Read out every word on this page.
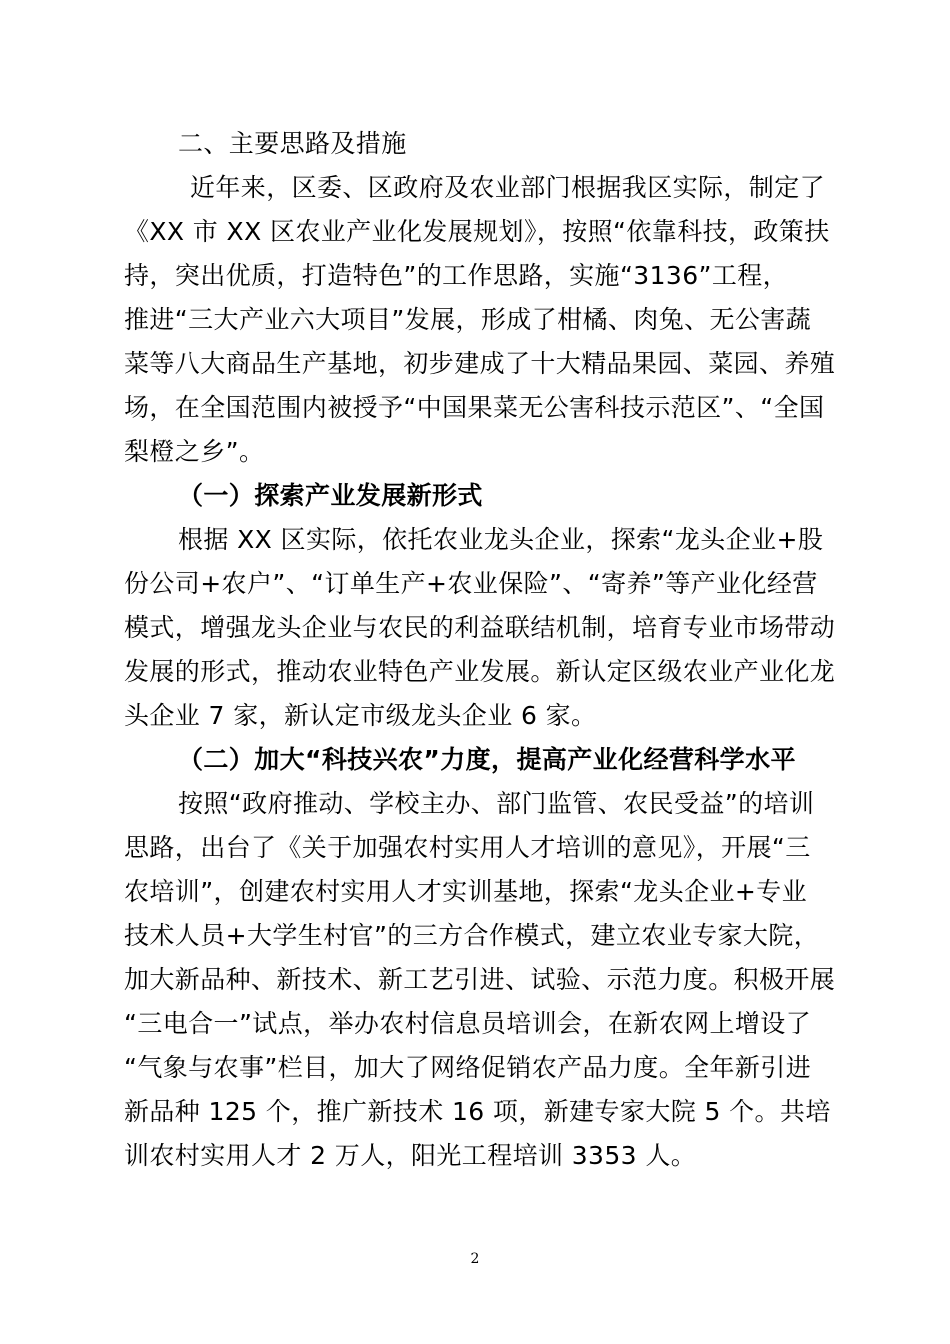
二、主要思路及措施
近年来，区委、区政府及农业部门根据我区实际，制定了
《XX 市 XX 区农业产业化发展规划》，按照“依靠科技，政策扶
持，突出优质，打造特色”的工作思路，实施“3136”工程，
推进“三大产业六大项目”发展，形成了柑橘、肉兔、无公害蔬
菜等八大商品生产基地，初步建成了十大精品果园、菜园、养殖
场，在全国范围内被授予“中国果菜无公害科技示范区”、“全国
梨橙之乡”。
（一）探索产业发展新形式
根据 XX 区实际，依托农业龙头企业，探索“龙头企业+股
份公司+农户”、“订单生产+农业保险”、“寄养”等产业化经营
模式，增强龙头企业与农民的利益联结机制，培育专业市场带动
发展的形式，推动农业特色产业发展。新认定区级农业产业化龙
头企业 7 家，新认定市级龙头企业 6 家。
（二）加大“科技兴农”力度，提高产业化经营科学水平
按照“政府推动、学校主办、部门监管、农民受益”的培训
思路，出台了《关于加强农村实用人才培训的意见》，开展“三
农培训”，创建农村实用人才实训基地，探索“龙头企业+专业
技术人员+大学生村官”的三方合作模式，建立农业专家大院，
加大新品种、新技术、新工艺引进、试验、示范力度。积极开展
“三电合一”试点，举办农村信息员培训会，在新农网上增设了
“气象与农事”栏目，加大了网络促销农产品力度。全年新引进
新品种 125 个，推广新技术 16 项，新建专家大院 5 个。共培
训农村实用人才 2 万人，阳光工程培训 3353 人。
2
